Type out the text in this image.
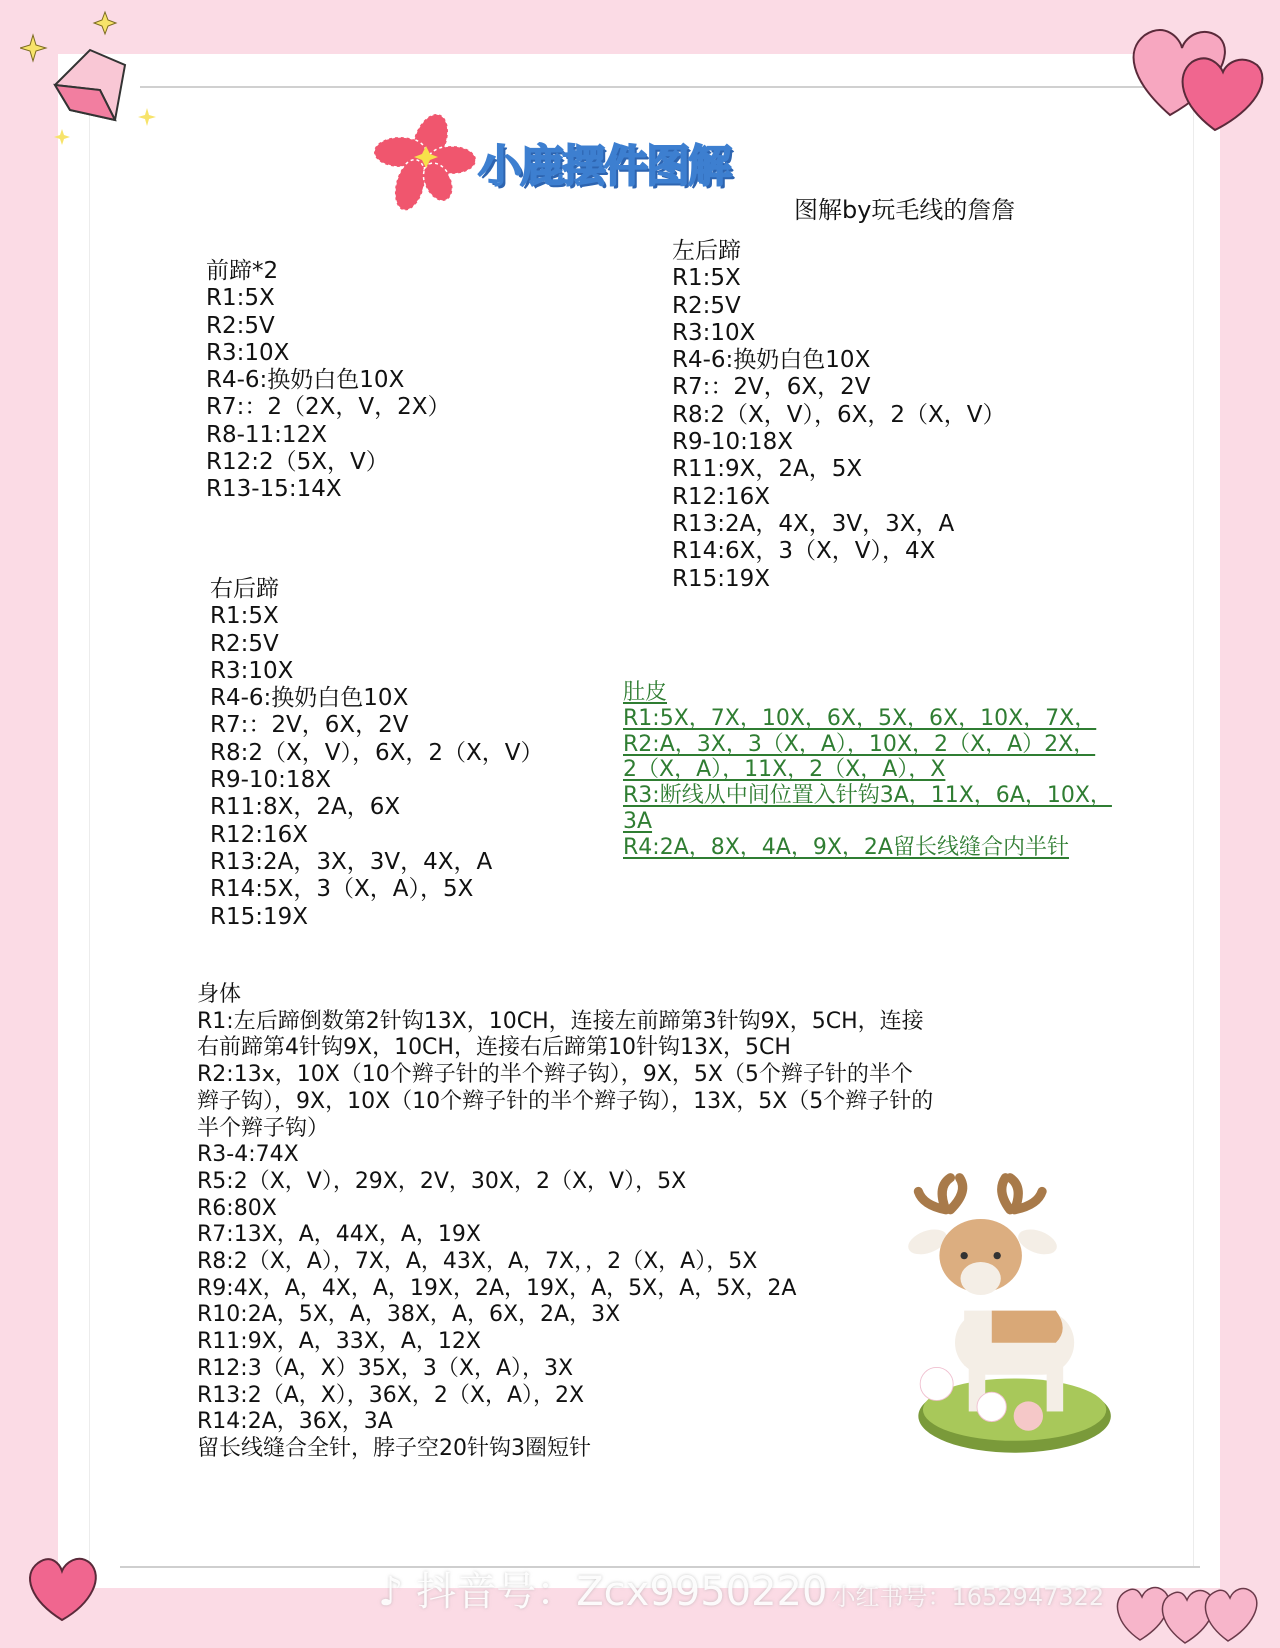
小鹿摆件图解
图解by玩毛线的詹詹
前蹄*2
R1:5X
R2:5V
R3:10X
R4-6:换奶白色10X
R7:：2（2X，V，2X）
R8-11:12X
R12:2（5X，V）
R13-15:14X
左后蹄
R1:5X
R2:5V
R3:10X
R4-6:换奶白色10X
R7:：2V，6X，2V
R8:2（X，V），6X，2（X，V）
R9-10:18X
R11:9X，2A，5X
R12:16X
R13:2A，4X，3V，3X，A
R14:6X，3（X，V），4X
R15:19X
右后蹄
R1:5X
R2:5V
R3:10X
R4-6:换奶白色10X
R7:：2V，6X，2V
R8:2（X，V），6X，2（X，V）
R9-10:18X
R11:8X，2A，6X
R12:16X
R13:2A，3X，3V，4X，A
R14:5X，3（X，A），5X
R15:19X
肚皮
R1:5X，7X，10X，6X，5X，6X，10X，7X，
R2:A，3X，3（X，A），10X，2（X，A）2X，
2（X，A），11X，2（X，A），X
R3:断线从中间位置入针钩3A，11X，6A，10X，
3A
R4:2A，8X，4A，9X，2A留长线缝合内半针
身体
R1:左后蹄倒数第2针钩13X，10CH，连接左前蹄第3针钩9X，5CH，连接
右前蹄第4针钩9X，10CH，连接右后蹄第10针钩13X，5CH
R2:13x，10X（10个辫子针的半个辫子钩），9X，5X（5个辫子针的半个
辫子钩），9X，10X（10个辫子针的半个辫子钩），13X，5X（5个辫子针的
半个辫子钩）
R3-4:74X
R5:2（X，V），29X，2V，30X，2（X，V），5X
R6:80X
R7:13X，A，44X，A，19X
R8:2（X，A），7X，A，43X，A，7X，，2（X，A），5X
R9:4X，A，4X，A，19X，2A，19X，A，5X，A，5X，2A
R10:2A，5X，A，38X，A，6X，2A，3X
R11:9X，A，33X，A，12X
R12:3（A，X）35X，3（X，A），3X
R13:2（A，X），36X，2（X，A），2X
R14:2A，36X，3A
留长线缝合全针，脖子空20针钩3圈短针
♪ 抖音号：Zcx9950220 小红书号：1652947322
